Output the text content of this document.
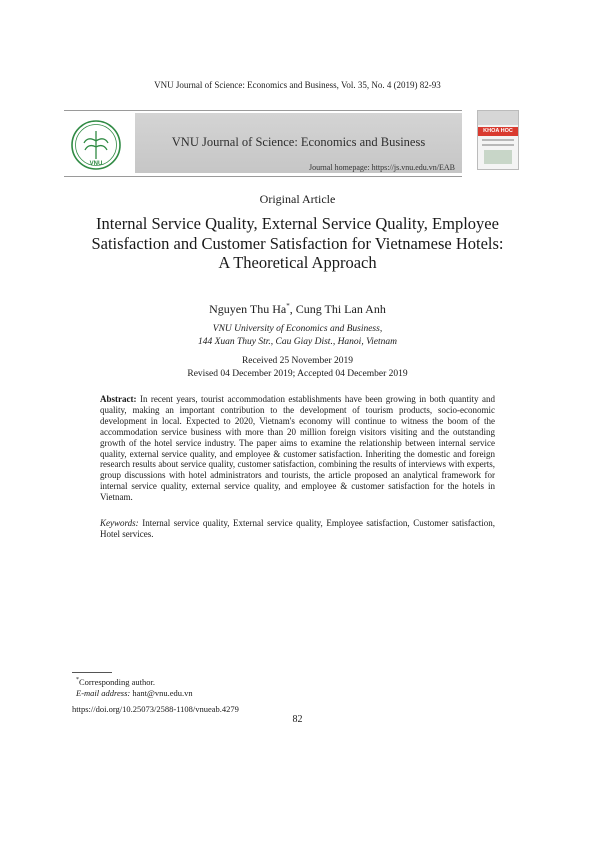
VNU Journal of Science: Economics and Business, Vol. 35, No. 4 (2019) 82-93
VNU
VNU Journal of Science: Economics and Business
Journal homepage: https://js.vnu.edu.vn/EAB
KHOA HOC
Original Article
Internal Service Quality, External Service Quality, Employee
Satisfaction and Customer Satisfaction for Vietnamese Hotels:
A Theoretical Approach
Nguyen Thu Ha*, Cung Thi Lan Anh
VNU University of Economics and Business,
144 Xuan Thuy Str., Cau Giay Dist., Hanoi, Vietnam
Received 25 November 2019
Revised 04 December 2019; Accepted 04 December 2019
Abstract: In recent years, tourist accommodation establishments have been growing in both quantity and quality, making an important contribution to the development of tourism products, socio-economic development in local. Expected to 2020, Vietnam's economy will continue to witness the boom of the accommodation service business with more than 20 million foreign visitors visiting and the outstanding growth of the hotel service industry. The paper aims to examine the relationship between internal service quality, external service quality, and employee & customer satisfaction. Inheriting the domestic and foreign research results about service quality, customer satisfaction, combining the results of interviews with experts, group discussions with hotel administrators and tourists, the article proposed an analytical framework for internal service quality, external service quality, and employee & customer satisfaction for the hotels in Vietnam.
Keywords: Internal service quality, External service quality, Employee satisfaction, Customer satisfaction, Hotel services.
*Corresponding author.
E-mail address: hant@vnu.edu.vn
https://doi.org/10.25073/2588-1108/vnueab.4279
82
